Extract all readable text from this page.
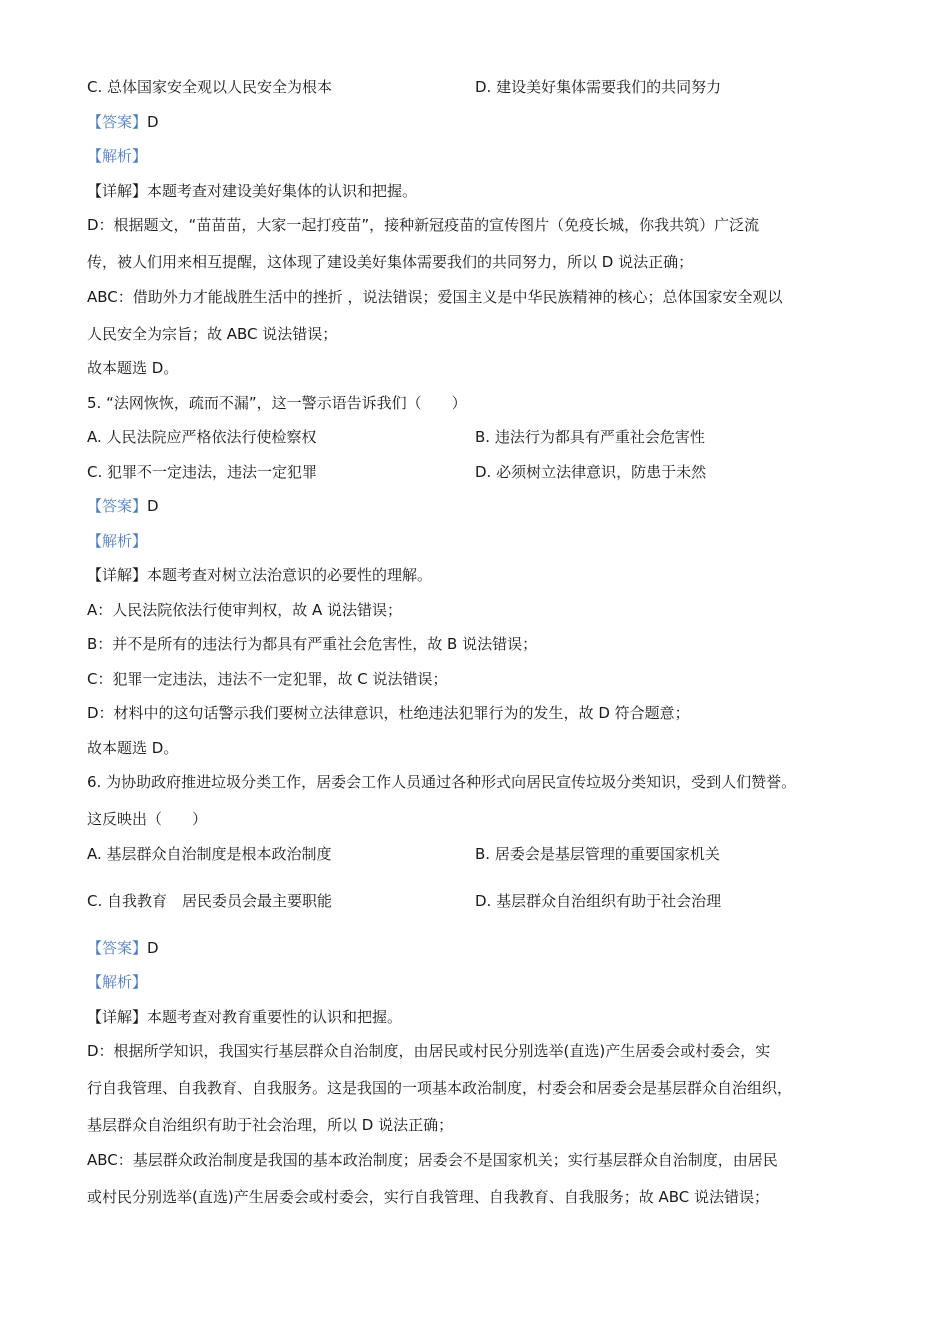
C. 总体国家安全观以人民安全为根本	D. 建设美好集体需要我们的共同努力

【答案】D

【解析】

【详解】本题考查对建设美好集体的认识和把握。

D：根据题文，“苗苗苗，大家一起打疫苗”，接种新冠疫苗的宣传图片（免疫长城，你我共筑）广泛流

传，被人们用来相互提醒，这体现了建设美好集体需要我们的共同努力，所以 D 说法正确；

ABC：借助外力才能战胜生活中的挫折 ，说法错误；爱国主义是中华民族精神的核心；总体国家安全观以

人民安全为宗旨；故 ABC 说法错误；

故本题选 D。

5. “法网恢恢，疏而不漏”，这一警示语告诉我们（　　）

A. 人民法院应严格依法行使检察权	B. 违法行为都具有严重社会危害性
C. 犯罪不一定违法，违法一定犯罪	D. 必须树立法律意识，防患于未然

【答案】D

【解析】

【详解】本题考查对树立法治意识的必要性的理解。

A：人民法院依法行使审判权，故 A 说法错误；

B：并不是所有的违法行为都具有严重社会危害性，故 B 说法错误；

C：犯罪一定违法，违法不一定犯罪，故 C 说法错误；

D：材料中的这句话警示我们要树立法律意识，杜绝违法犯罪行为的发生，故 D 符合题意；

故本题选 D。

6. 为协助政府推进垃圾分类工作，居委会工作人员通过各种形式向居民宣传垃圾分类知识，受到人们赞誉。

这反映出（　　）

A. 基层群众自治制度是根本政治制度	B. 居委会是基层管理的重要国家机关
C. 自我教育　居民委员会最主要职能	D. 基层群众自治组织有助于社会治理

【答案】D

【解析】

【详解】本题考查对教育重要性的认识和把握。

D：根据所学知识，我国实行基层群众自治制度，由居民或村民分别选举(直选)产生居委会或村委会，实

行自我管理、自我教育、自我服务。这是我国的一项基本政治制度，村委会和居委会是基层群众自治组织，

基层群众自治组织有助于社会治理，所以 D 说法正确；

ABC：基层群众政治制度是我国的基本政治制度；居委会不是国家机关；实行基层群众自治制度，由居民

或村民分别选举(直选)产生居委会或村委会，实行自我管理、自我教育、自我服务；故 ABC 说法错误；
